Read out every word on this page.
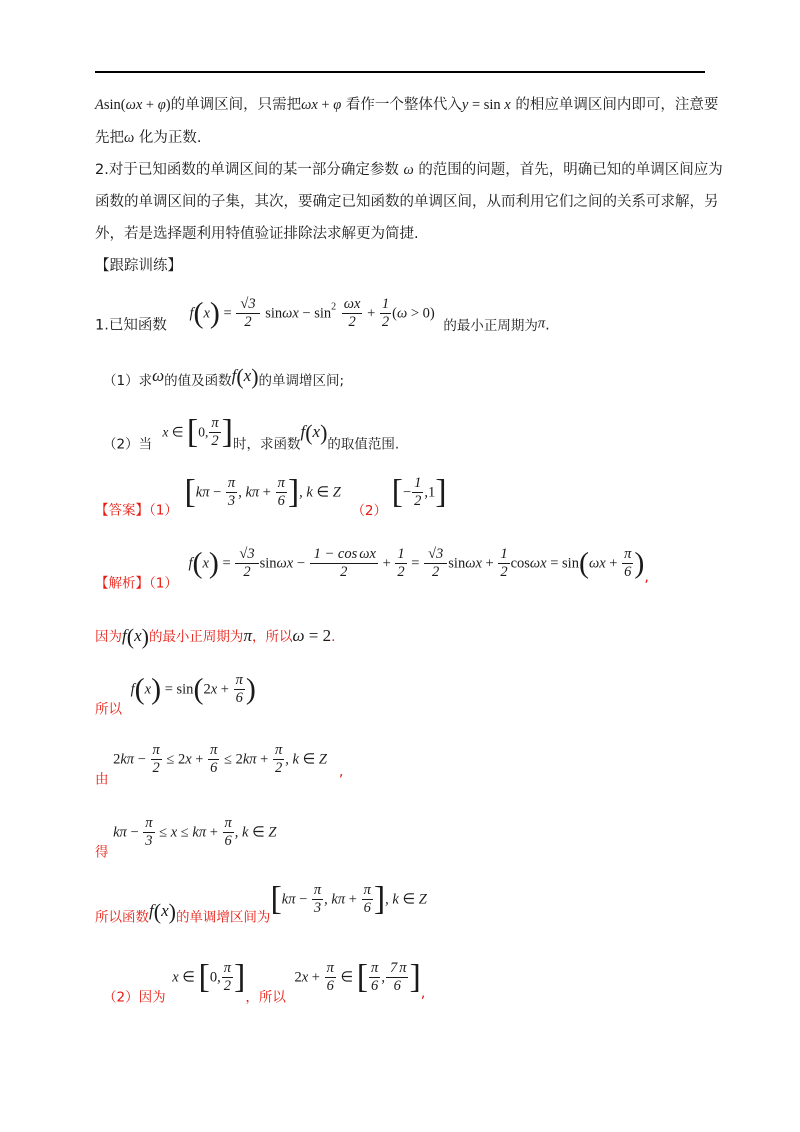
Asin(ωx + φ)的单调区间，只需把ωx + φ 看作一个整体代入y = sin x 的相应单调区间内即可，注意要
先把ω 化为正数.
2.对于已知函数的单调区间的某一部分确定参数 ω 的范围的问题，首先，明确已知的单调区间应为
函数的单调区间的子集，其次，要确定已知函数的单调区间，从而利用它们之间的关系可求解，另
外，若是选择题利用特值验证排除法求解更为简捷.
【跟踪训练】
1.已知函数 $f(x) = \frac{√3}{2}$ $\sin\omega x - \sin^2 \frac{\omega x}{2} + \frac{1}{2} (\omega > 0)$ 的最小正周期为π.
（1）求ω的值及函数f(x)的单调增区间;
（2）当 x ∈ [0, $\frac{\pi}{2}$ ]时，求函数f(x)的取值范围.
【答案】（1） [$k\pi - \frac{\pi}{3}$ , $k\pi + \frac{\pi}{6}$ ], k ∈ Z （2） [− $\frac{1}{2} ,1$]
【解析】（1） $f(x) = \frac{√3}{2}$ $\sin\omega x - \frac{\text{1 − cos ωx}}{2} + \frac{1}{2} = \frac{√3}{2}$ $\sin\omega x + \frac{1}{2}$ $\cos\omega x = \sin(\omega x + \frac{\pi}{6}$ ),
因为f(x)的最小正周期为π，所以ω = 2.
所以 $f(x) = \sin(2x + \frac{\pi}{6}$ )
由 $2k\pi - \frac{\pi}{2} \le 2x + \frac{\pi}{6} \le 2k\pi + \frac{\pi}{2}$ , k ∈ Z,
得 $k\pi - \frac{\pi}{3} \le x \le k\pi + \frac{\pi}{6}$ , k ∈ Z
所以函数f(x)的单调增区间为[$k\pi - \frac{\pi}{3}$ , $k\pi + \frac{\pi}{6}$ ], k ∈ Z
（2）因为 x ∈ [0, $\frac{\pi}{2}$ ]，所以 $2x + \frac{\pi}{6}$ ∈ [ $\frac{\pi}{6}$ , $\frac{7 \pi}{6}$ ],
